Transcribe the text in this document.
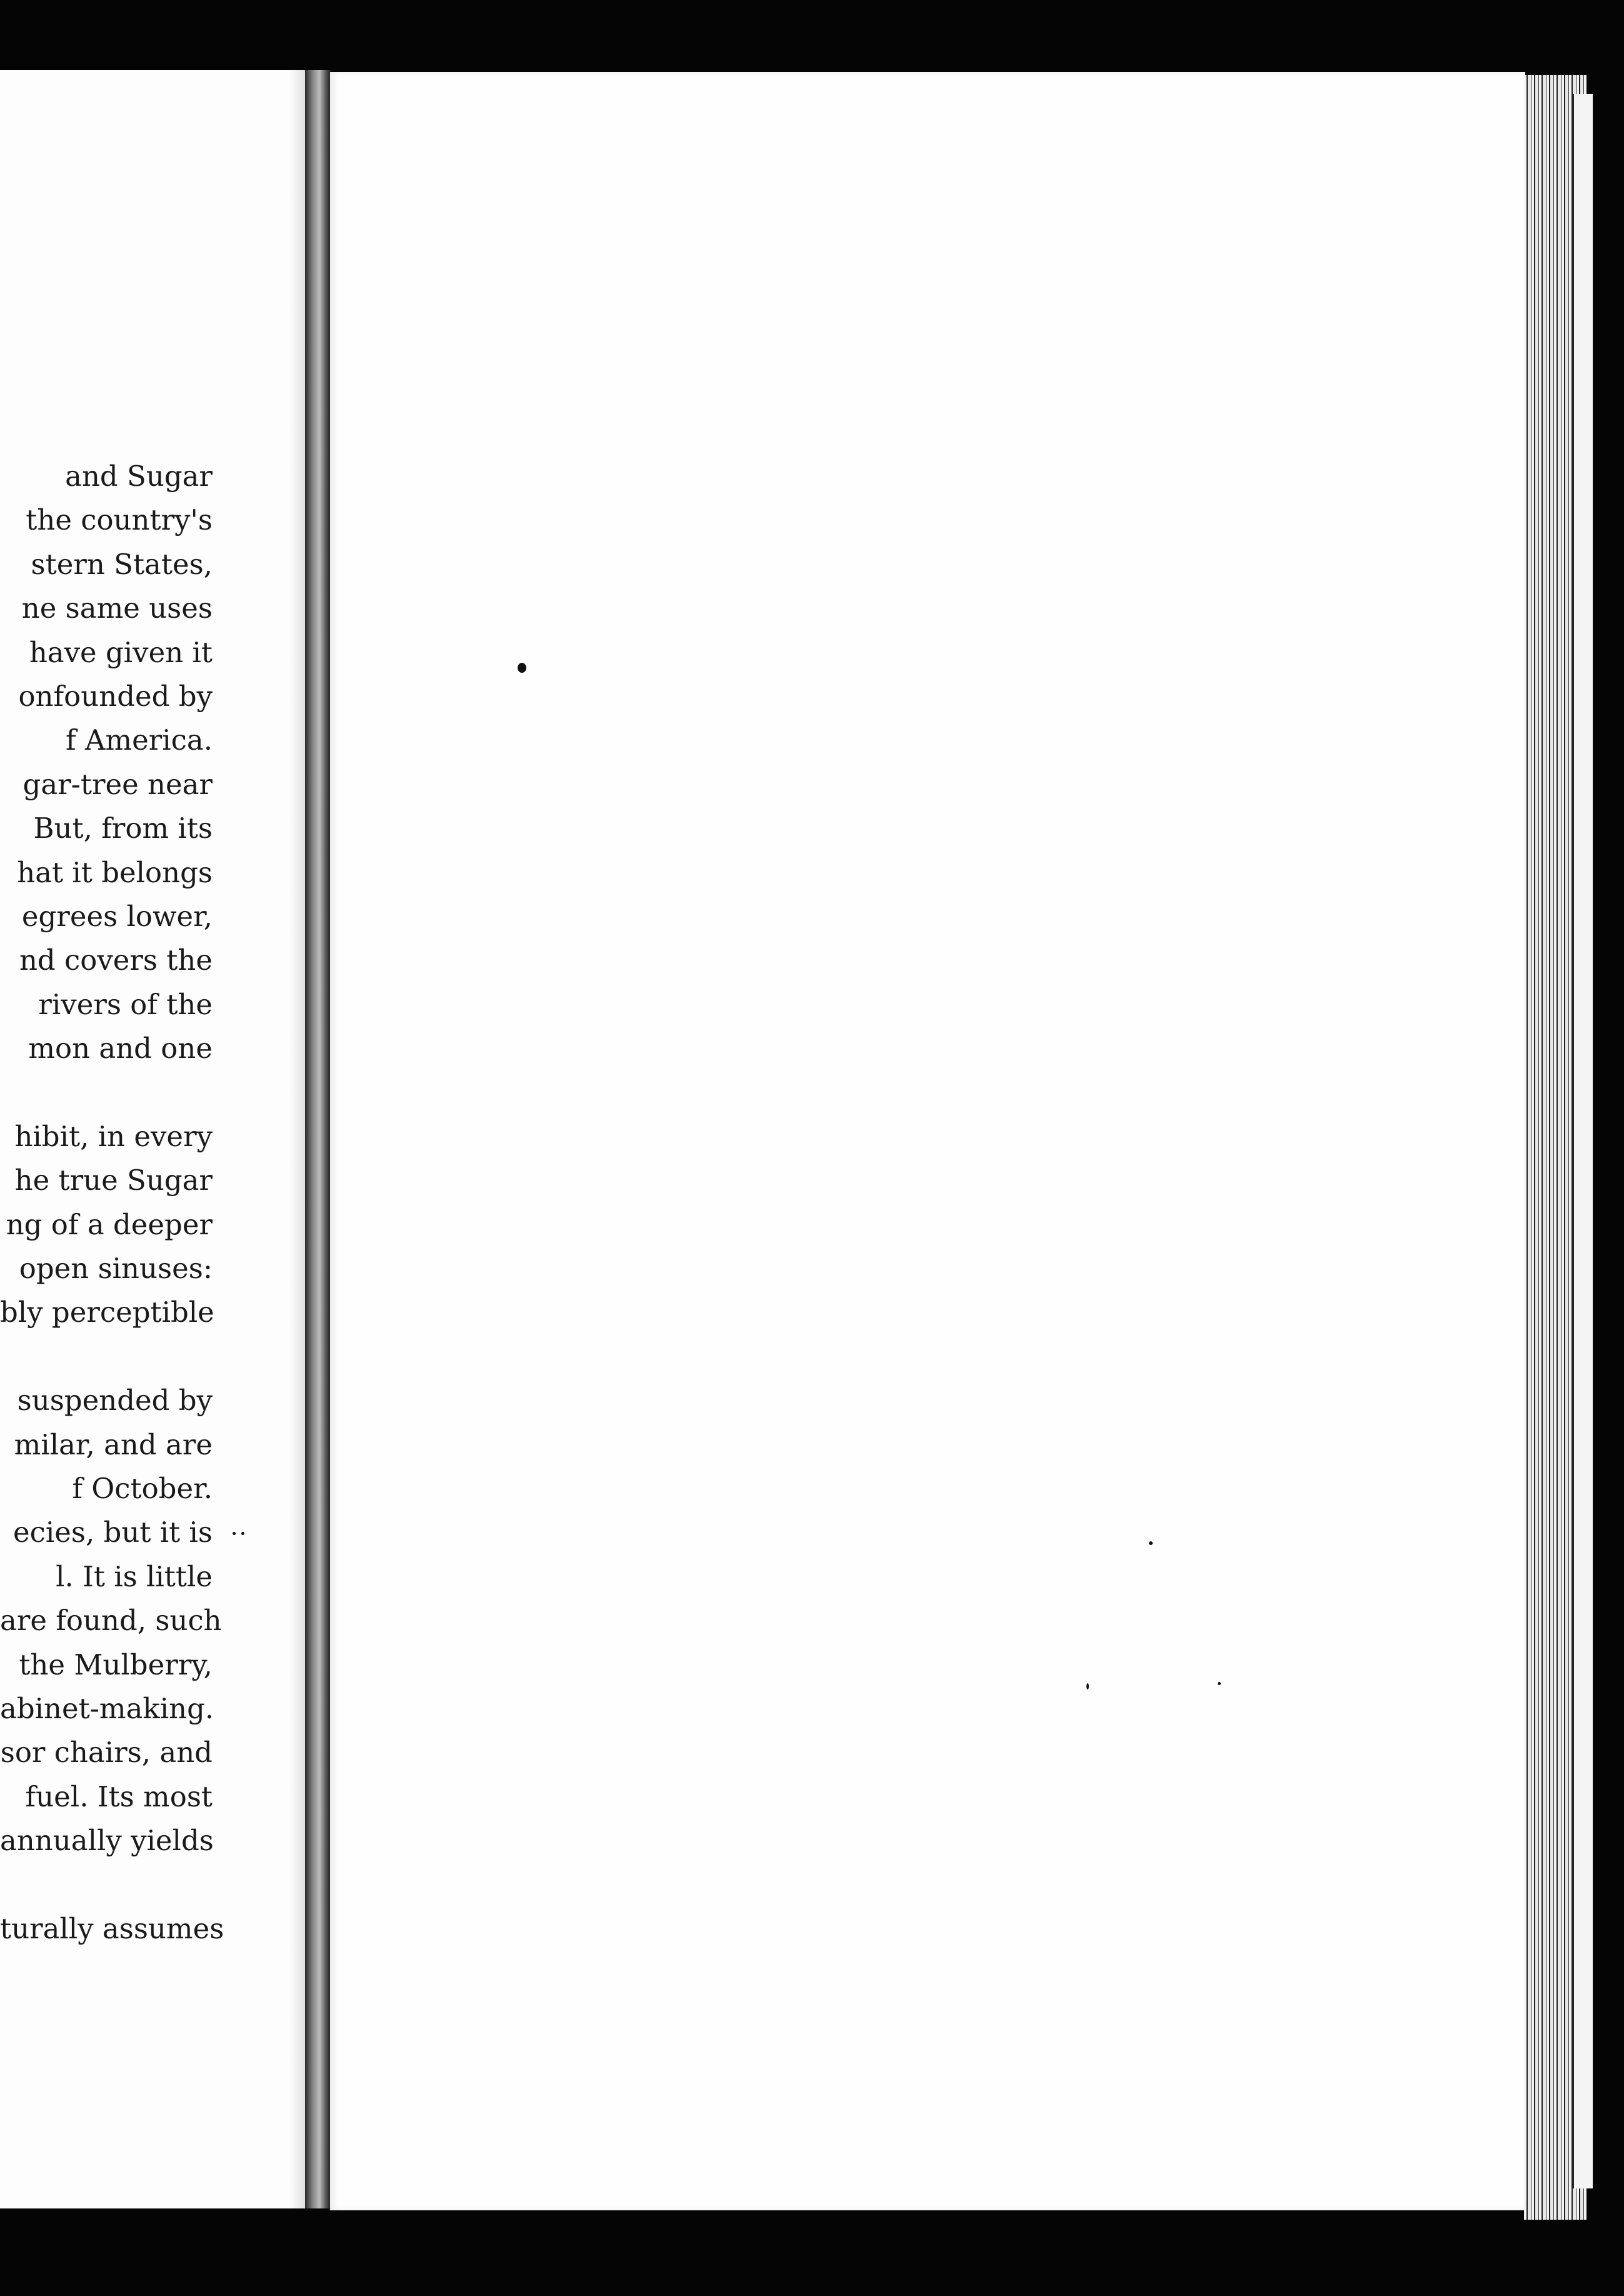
and Sugar
the country's
stern States,
ne same uses
have given it
onfounded by
f America.
gar-tree near
But, from its
hat it belongs
egrees lower,
nd covers the
rivers of the
mon and one
hibit, in every
he true Sugar
ng of a deeper
open sinuses:
bly perceptible
suspended by
milar, and are
f October.
ecies, but it is
l. It is little
are found, such
the Mulberry,
abinet-making.
sor chairs, and
fuel. Its most
annually yields
turally assumes
